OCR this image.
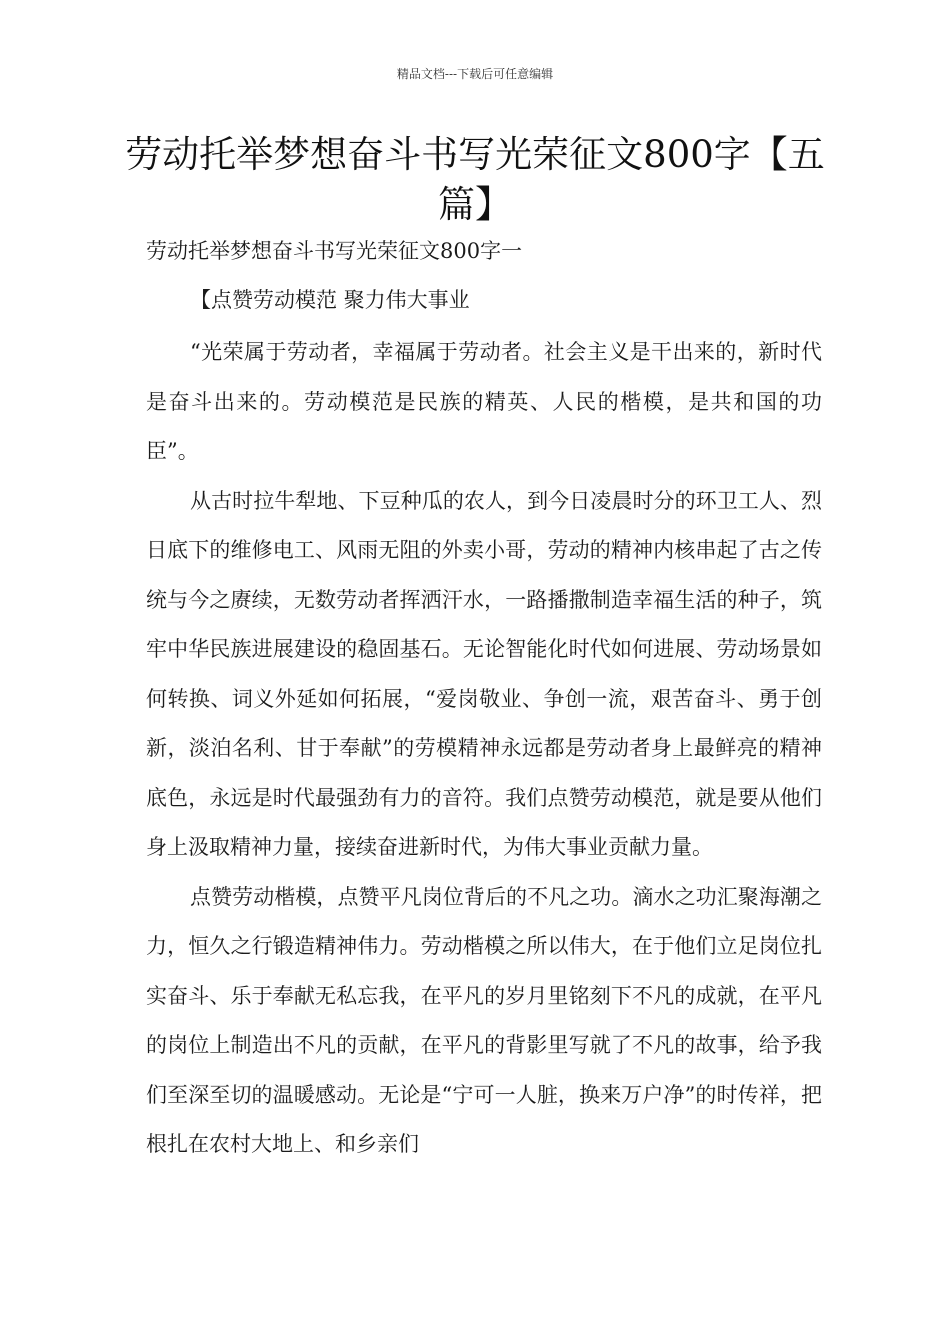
精品文档---下载后可任意编辑
劳动托举梦想奋斗书写光荣征文800字【五篇】
劳动托举梦想奋斗书写光荣征文800字一
【点赞劳动模范 聚力伟大事业

“光荣属于劳动者，幸福属于劳动者。社会主义是干出来的，新时代是奋斗出来的。劳动模范是民族的精英、人民的楷模，是共和国的功臣”。

从古时拉牛犁地、下豆种瓜的农人，到今日凌晨时分的环卫工人、烈日底下的维修电工、风雨无阻的外卖小哥，劳动的精神内核串起了古之传统与今之赓续，无数劳动者挥洒汗水，一路播撒制造幸福生活的种子，筑牢中华民族进展建设的稳固基石。无论智能化时代如何进展、劳动场景如何转换、词义外延如何拓展，“爱岗敬业、争创一流，艰苦奋斗、勇于创新，淡泊名利、甘于奉献”的劳模精神永远都是劳动者身上最鲜亮的精神底色，永远是时代最强劲有力的音符。我们点赞劳动模范，就是要从他们身上汲取精神力量，接续奋进新时代，为伟大事业贡献力量。

点赞劳动楷模，点赞平凡岗位背后的不凡之功。滴水之功汇聚海潮之力，恒久之行锻造精神伟力。劳动楷模之所以伟大，在于他们立足岗位扎实奋斗、乐于奉献无私忘我，在平凡的岁月里铭刻下不凡的成就，在平凡的岗位上制造出不凡的贡献，在平凡的背影里写就了不凡的故事，给予我们至深至切的温暖感动。无论是“宁可一人脏，换来万户净”的时传祥，把根扎在农村大地上、和乡亲们
